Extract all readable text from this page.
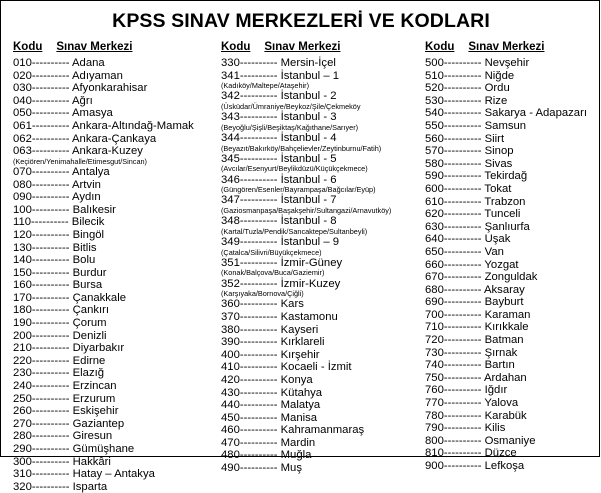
KPSS SINAV MERKEZLERİ VE KODLARI
Kodu Sınav Merkezi
010---------- Adana
020---------- Adıyaman
030---------- Afyonkarahisar
040---------- Ağrı
050---------- Amasya
061---------- Ankara-Altındağ-Mamak
062---------- Ankara-Çankaya
063---------- Ankara-Kuzey
(Keçiören/Yenimahalle/Etimesgut/Sincan)
070---------- Antalya
080---------- Artvin
090---------- Aydın
100---------- Balıkesir
110---------- Bilecik
120---------- Bingöl
130---------- Bitlis
140---------- Bolu
150---------- Burdur
160---------- Bursa
170---------- Çanakkale
180---------- Çankırı
190---------- Çorum
200---------- Denizli
210---------- Diyarbakır
220---------- Edirne
230---------- Elazığ
240---------- Erzincan
250---------- Erzurum
260---------- Eskişehir
270---------- Gaziantep
280---------- Giresun
290---------- Gümüşhane
300---------- Hakkâri
310---------- Hatay – Antakya
320---------- Isparta
Kodu Sınav Merkezi
330---------- Mersin-İçel
341---------- İstanbul – 1
(Kadıköy/Maltepe/Ataşehir)
342---------- İstanbul - 2
(Üsküdar/Ümraniye/Beykoz/Şile/Çekmeköy
343---------- İstanbul - 3
(Beyoğlu/Şişli/Beşiktaş/Kağıthane/Sarıyer)
344---------- İstanbul - 4
(Beyazıt/Bakırköy/Bahçelievler/Zeytinburnu/Fatih)
345---------- İstanbul - 5
(Avcılar/Esenyurt/Beylikdüzü/Küçükçekmece)
346---------- İstanbul - 6
(Güngören/Esenler/Bayrampaşa/Bağcılar/Eyüp)
347---------- İstanbul - 7
(Gaziosmanpaşa/Başakşehir/Sultangazi/Arnavutköy)
348---------- İstanbul - 8
(Kartal/Tuzla/Pendik/Sancaktepe/Sultanbeyli)
349---------- İstanbul – 9
(Çatalca/Silivri/Büyükçekmece)
351---------- İzmir-Güney
(Konak/Balçova/Buca/Gaziemir)
352---------- İzmir-Kuzey
(Karşıyaka/Bornova/Çiğli)
360---------- Kars
370---------- Kastamonu
380---------- Kayseri
390---------- Kırklareli
400---------- Kırşehir
410---------- Kocaeli - İzmit
420---------- Konya
430---------- Kütahya
440---------- Malatya
450---------- Manisa
460---------- Kahramanmaraş
470---------- Mardin
480---------- Muğla
490---------- Muş
Kodu Sınav Merkezi
500---------- Nevşehir
510---------- Niğde
520---------- Ordu
530---------- Rize
540---------- Sakarya - Adapazarı
550---------- Samsun
560---------- Siirt
570---------- Sinop
580---------- Sivas
590---------- Tekirdağ
600---------- Tokat
610---------- Trabzon
620---------- Tunceli
630---------- Şanlıurfa
640---------- Uşak
650---------- Van
660---------- Yozgat
670---------- Zonguldak
680---------- Aksaray
690---------- Bayburt
700---------- Karaman
710---------- Kırıkkale
720---------- Batman
730---------- Şırnak
740---------- Bartın
750---------- Ardahan
760---------- Iğdır
770---------- Yalova
780---------- Karabük
790---------- Kilis
800---------- Osmaniye
810---------- Düzce
900---------- Lefkoşa
